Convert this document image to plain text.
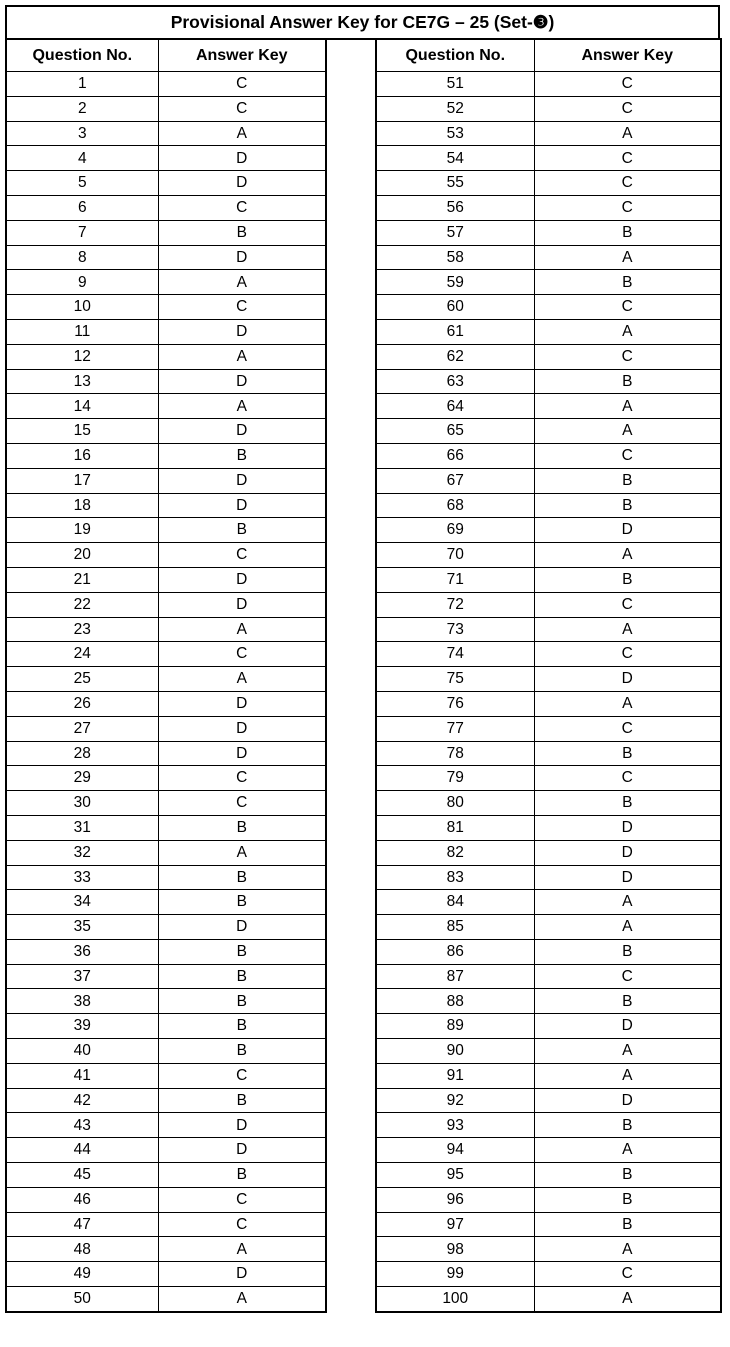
Provisional Answer Key for CE7G – 25 (Set-❸)
Question No.	Answer Key
1	C
2	C
3	A
4	D
5	D
6	C
7	B
8	D
9	A
10	C
11	D
12	A
13	D
14	A
15	D
16	B
17	D
18	D
19	B
20	C
21	D
22	D
23	A
24	C
25	A
26	D
27	D
28	D
29	C
30	C
31	B
32	A
33	B
34	B
35	D
36	B
37	B
38	B
39	B
40	B
41	C
42	B
43	D
44	D
45	B
46	C
47	C
48	A
49	D
50	A
Question No.	Answer Key
51	C
52	C
53	A
54	C
55	C
56	C
57	B
58	A
59	B
60	C
61	A
62	C
63	B
64	A
65	A
66	C
67	B
68	B
69	D
70	A
71	B
72	C
73	A
74	C
75	D
76	A
77	C
78	B
79	C
80	B
81	D
82	D
83	D
84	A
85	A
86	B
87	C
88	B
89	D
90	A
91	A
92	D
93	B
94	A
95	B
96	B
97	B
98	A
99	C
100	A
